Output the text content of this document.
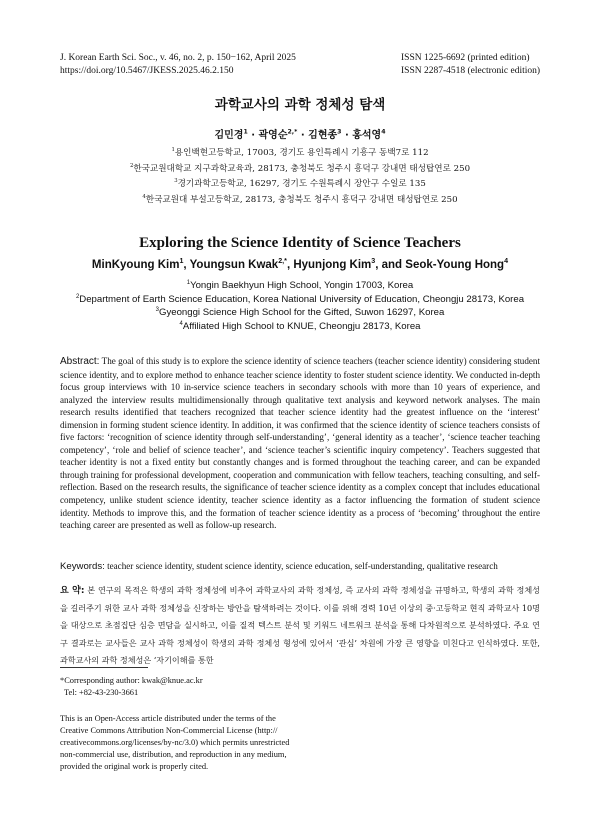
J. Korean Earth Sci. Soc., v. 46, no. 2, p. 150−162, April 2025
https://doi.org/10.5467/JKESS.2025.46.2.150
ISSN 1225-6692 (printed edition)
ISSN 2287-4518 (electronic edition)
과학교사의 과학 정체성 탐색
김민경$^1$ · 곽영순$^{2,*}$ · 김현종$^3$ · 홍석영$^4$
$^1$용인백현고등학교, 17003, 경기도 용인특례시 기흥구 동백7로 112
$^2$한국교원대학교 지구과학교육과, 28173, 충청북도 청주시 흥덕구 강내면 태성탑연로 250
$^3$경기과학고등학교, 16297, 경기도 수원특례시 장안구 수일로 135
$^4$한국교원대 부설고등학교, 28173, 충청북도 청주시 흥덕구 강내면 태성탑연로 250
Exploring the Science Identity of Science Teachers
MinKyoung Kim$^1$, Youngsun Kwak$^{2,*}$, Hyunjong Kim$^3$, and Seok-Young Hong$^4$
$^1$Yongin Baekhyun High School, Yongin 17003, Korea
$^2$Department of Earth Science Education, Korea National University of Education, Cheongju 28173, Korea
$^3$Gyeonggi Science High School for the Gifted, Suwon 16297, Korea
$^4$Affiliated High School to KNUE, Cheongju 28173, Korea
Abstract: The goal of this study is to explore the science identity of science teachers (teacher science identity) considering student science identity, and to explore method to enhance teacher science identity to foster student science identity. We conducted in-depth focus group interviews with 10 in-service science teachers in secondary schools with more than 10 years of experience, and analyzed the interview results multidimensionally through qualitative text analysis and keyword network analyses. The main research results identified that teachers recognized that teacher science identity had the greatest influence on the ‘interest’ dimension in forming student science identity. In addition, it was confirmed that the science identity of science teachers consists of five factors: ‘recognition of science identity through self-understanding’, ‘general identity as a teacher’, ‘science teacher teaching competency’, ‘role and belief of science teacher’, and ‘science teacher’s scientific inquiry competency’. Teachers suggested that teacher identity is not a fixed entity but constantly changes and is formed throughout the teaching career, and can be expanded through training for professional development, cooperation and communication with fellow teachers, teaching consulting, and self-reflection. Based on the research results, the significance of teacher science identity as a complex concept that includes educational competency, unlike student science identity, teacher science identity as a factor influencing the formation of student science identity. Methods to improve this, and the formation of teacher science identity as a process of ‘becoming’ throughout the entire teaching career are presented as well as follow-up research.
Keywords: teacher science identity, student science identity, science education, self-understanding, qualitative research
요 약: 본 연구의 목적은 학생의 과학 정체성에 비추어 과학교사의 과학 정체성, 즉 교사의 과학 정체성을 규명하고, 학생의 과학 정체성을 길러주기 위한 교사 과학 정체성을 신장하는 방안을 탐색하려는 것이다. 이를 위해 경력 10년 이상의 중·고등학교 현직 과학교사 10명을 대상으로 초점집단 심층 면담을 실시하고, 이를 질적 텍스트 분석 및 키워드 네트워크 분석을 통해 다차원적으로 분석하였다. 주요 연구 결과로는 교사들은 교사 과학 정체성이 학생의 과학 정체성 형성에 있어서 ‘관심’ 차원에 가장 큰 영향을 미친다고 인식하였다. 또한, 과학교사의 과학 정체성은 ‘자기이해를 통한
*Corresponding author: kwak@knue.ac.kr
Tel: +82-43-230-3661
This is an Open-Access article distributed under the terms of the
Creative Commons Attribution Non-Commercial License (http://
creativecommons.org/licenses/by-nc/3.0) which permits unrestricted
non-commercial use, distribution, and reproduction in any medium,
provided the original work is properly cited.
